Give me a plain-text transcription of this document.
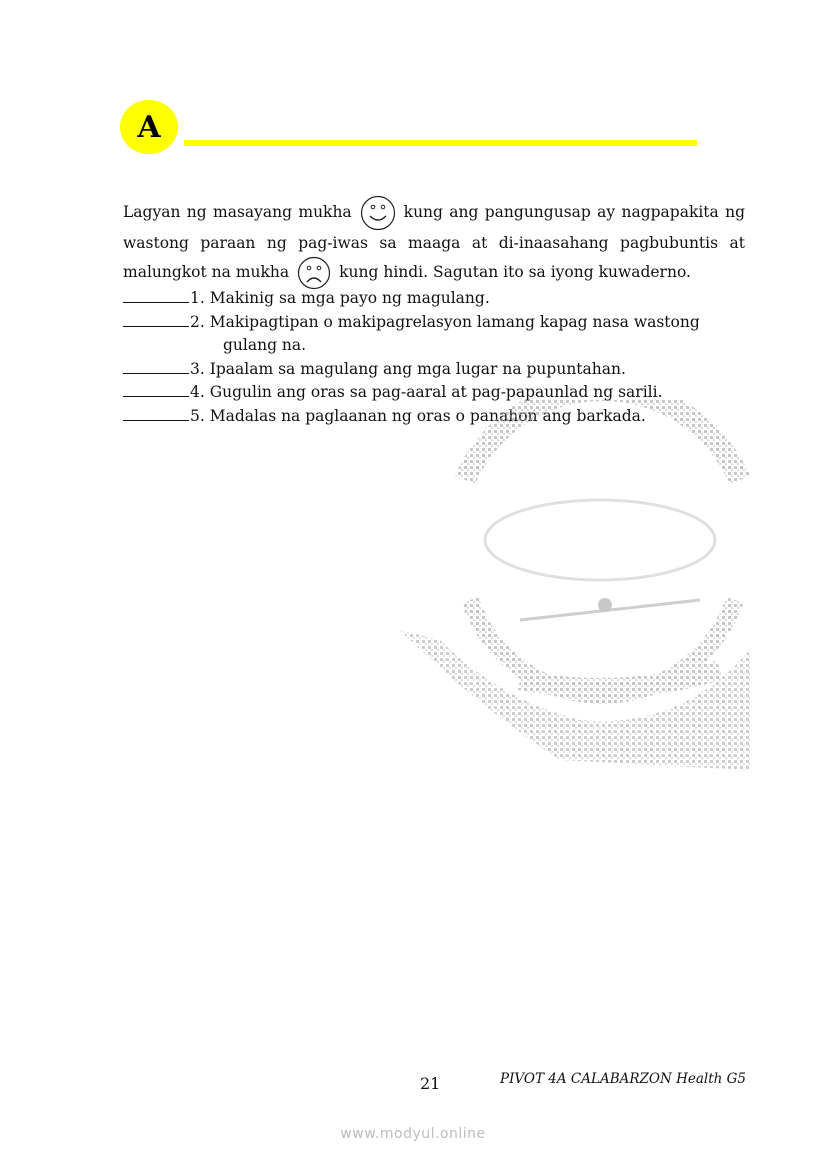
A

Lagyan ng masayang mukha	kung ang pangungusap ay nagpapakita ng wastong paraan ng pag-iwas sa maaga at di-inaasahang pagbubuntis at malungkot na mukha	kung hindi. Sagutan ito sa iyong kuwaderno.

1. Makinig sa mga payo ng magulang.
2. Makipagtipan o makipagrelasyon lamang kapag nasa wastong
gulang na.
3. Ipaalam sa magulang ang mga lugar na pupuntahan.
4. Gugulin ang oras sa pag-aaral at pag-papaunlad ng sarili.
5. Madalas na paglaanan ng oras o panahon ang barkada.
21	PIVOT 4A CALABARZON Health G5
www.modyul.online
